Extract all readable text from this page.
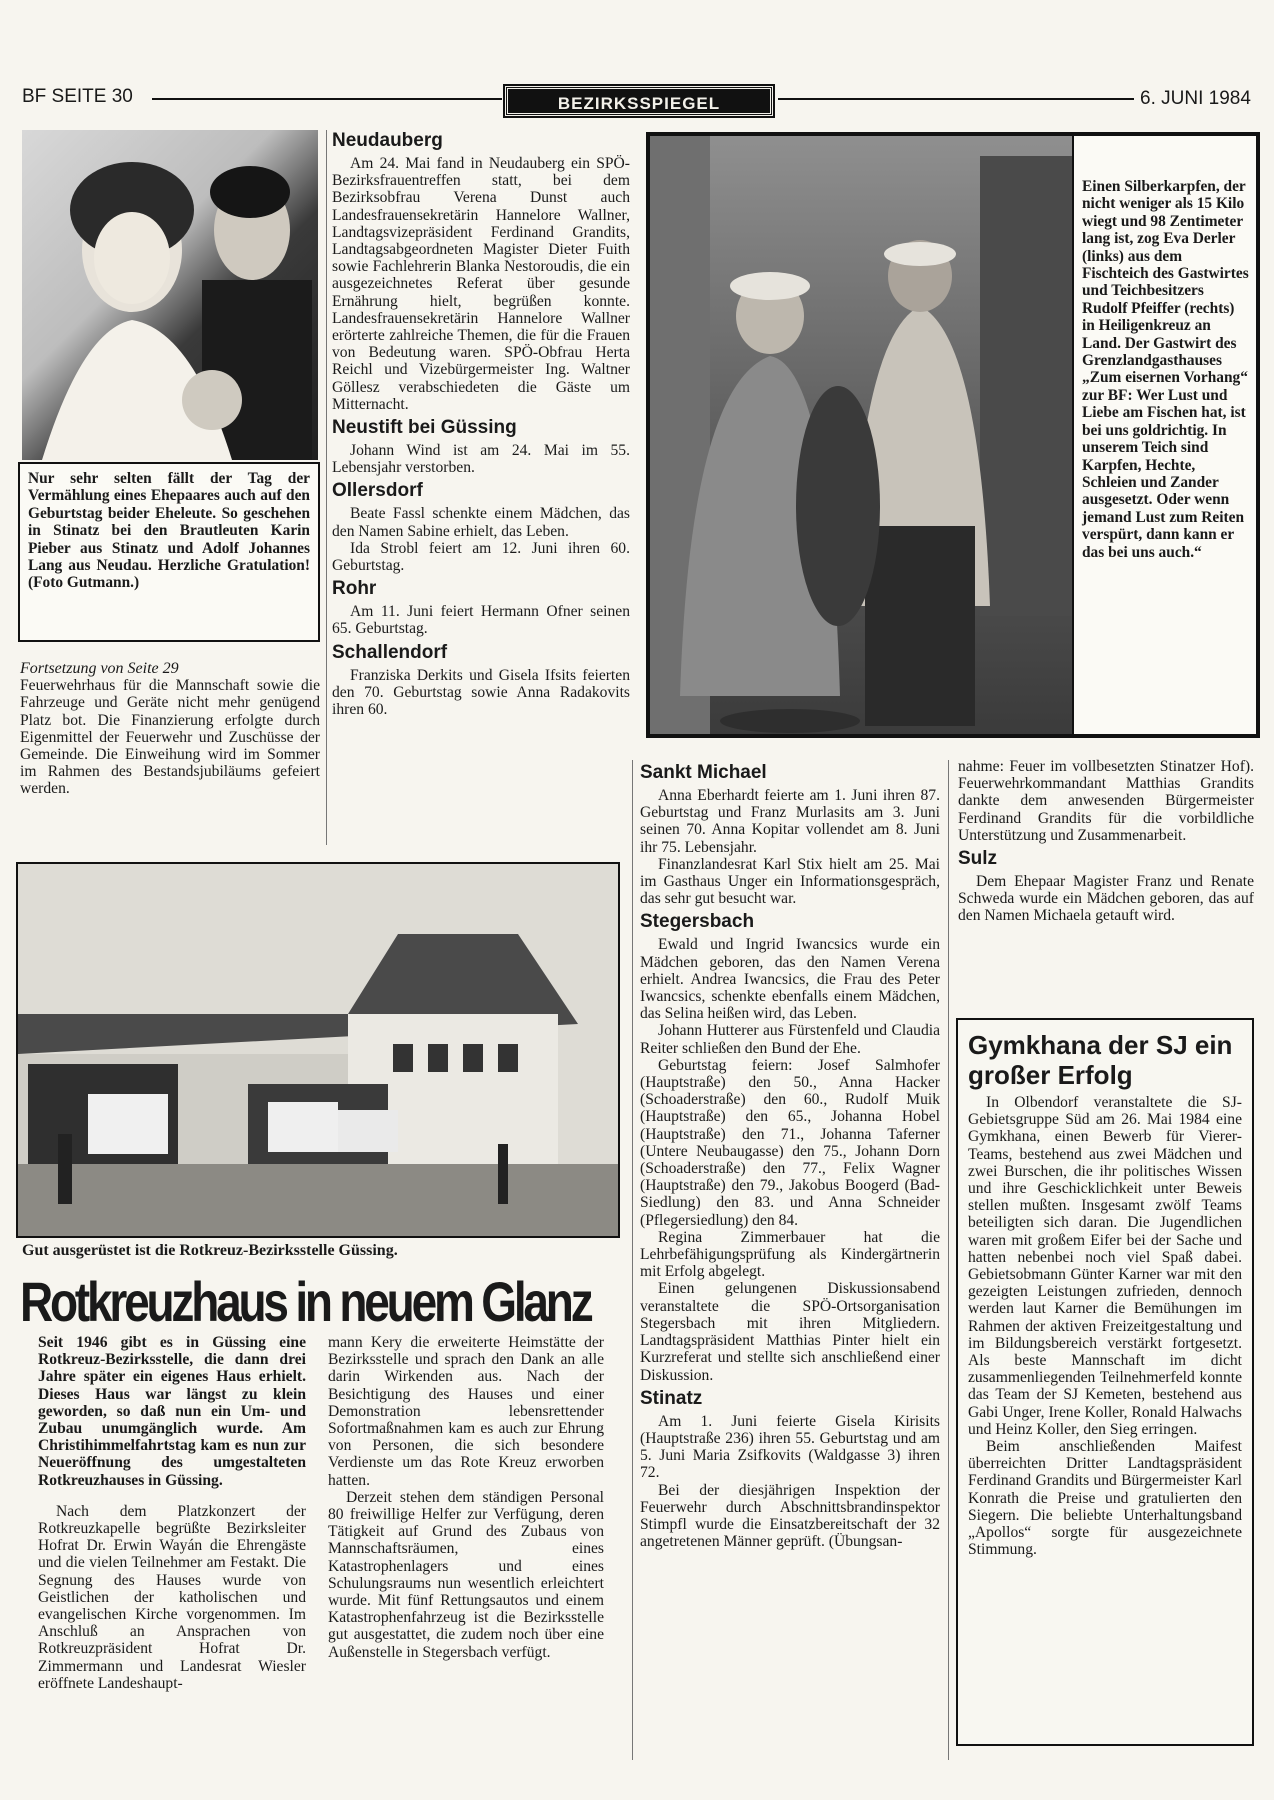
BF SEITE 30	BEZIRKSSPIEGEL	6. JUNI 1984

Nur sehr selten fällt der Tag der Vermählung eines Ehepaares auch auf den Geburtstag beider Eheleute. So geschehen in Stinatz bei den Brautleuten Karin Pieber aus Stinatz und Adolf Johannes Lang aus Neudau. Herzliche Gratulation! (Foto Gutmann.)

Fortsetzung von Seite 29

Feuerwehrhaus für die Mannschaft sowie die Fahrzeuge und Geräte nicht mehr genügend Platz bot. Die Finanzierung erfolgte durch Eigenmittel der Feuerwehr und Zuschüsse der Gemeinde. Die Einweihung wird im Sommer im Rahmen des Bestandsjubiläums gefeiert werden.

Neudauberg

Am 24. Mai fand in Neudauberg ein SPÖ-Bezirksfrauentreffen statt, bei dem Bezirksobfrau Verena Dunst auch Landesfrauensekretärin Hannelore Wallner, Landtagsvizepräsident Ferdinand Grandits, Landtagsabgeordneten Magister Dieter Fuith sowie Fachlehrerin Blanka Nestoroudis, die ein ausgezeichnetes Referat über gesunde Ernährung hielt, begrüßen konnte. Landesfrauensekretärin Hannelore Wallner erörterte zahlreiche Themen, die für die Frauen von Bedeutung waren. SPÖ-Obfrau Herta Reichl und Vizebürgermeister Ing. Waltner Göllesz verabschiedeten die Gäste um Mitternacht.

Neustift bei Güssing

Johann Wind ist am 24. Mai im 55. Lebensjahr verstorben.

Ollersdorf

Beate Fassl schenkte einem Mädchen, das den Namen Sabine erhielt, das Leben.

Ida Strobl feiert am 12. Juni ihren 60. Geburtstag.

Rohr

Am 11. Juni feiert Hermann Ofner seinen 65. Geburtstag.

Schallendorf

Franziska Derkits und Gisela Ifsits feierten den 70. Geburtstag sowie Anna Radakovits ihren 60.

Einen Silberkarpfen, der nicht weniger als 15 Kilo wiegt und 98 Zentimeter lang ist, zog Eva Derler (links) aus dem Fischteich des Gastwirtes und Teichbesitzers Rudolf Pfeiffer (rechts) in Heiligenkreuz an Land. Der Gastwirt des Grenzlandgasthauses „Zum eisernen Vorhang“ zur BF: Wer Lust und Liebe am Fischen hat, ist bei uns goldrichtig. In unserem Teich sind Karpfen, Hechte, Schleien und Zander ausgesetzt. Oder wenn jemand Lust zum Reiten verspürt, dann kann er das bei uns auch.“

Gut ausgerüstet ist die Rotkreuz-Bezirksstelle Güssing.
Rotkreuzhaus in neuem Glanz

Seit 1946 gibt es in Güssing eine Rotkreuz-Bezirksstelle, die dann drei Jahre später ein eigenes Haus erhielt. Dieses Haus war längst zu klein geworden, so daß nun ein Um- und Zubau unumgänglich wurde. Am Christihimmelfahrtstag kam es nun zur Neueröffnung des umgestalteten Rotkreuzhauses in Güssing.

Nach dem Platzkonzert der Rotkreuzkapelle begrüßte Bezirksleiter Hofrat Dr. Erwin Wayán die Ehrengäste und die vielen Teilnehmer am Festakt. Die Segnung des Hauses wurde von Geistlichen der katholischen und evangelischen Kirche vorgenommen. Im Anschluß an Ansprachen von Rotkreuzpräsident Hofrat Dr. Zimmermann und Landesrat Wiesler eröffnete Landeshaupt-

mann Kery die erweiterte Heimstätte der Bezirksstelle und sprach den Dank an alle darin Wirkenden aus. Nach der Besichtigung des Hauses und einer Demonstration lebensrettender Sofortmaßnahmen kam es auch zur Ehrung von Personen, die sich besondere Verdienste um das Rote Kreuz erworben hatten.

Derzeit stehen dem ständigen Personal 80 freiwillige Helfer zur Verfügung, deren Tätigkeit auf Grund des Zubaus von Mannschaftsräumen, eines Katastrophenlagers und eines Schulungsraums nun wesentlich erleichtert wurde. Mit fünf Rettungsautos und einem Katastrophenfahrzeug ist die Bezirksstelle gut ausgestattet, die zudem noch über eine Außenstelle in Stegersbach verfügt.

Sankt Michael

Anna Eberhardt feierte am 1. Juni ihren 87. Geburtstag und Franz Murlasits am 3. Juni seinen 70. Anna Kopitar vollendet am 8. Juni ihr 75. Lebensjahr.

Finanzlandesrat Karl Stix hielt am 25. Mai im Gasthaus Unger ein Informationsgespräch, das sehr gut besucht war.

Stegersbach

Ewald und Ingrid Iwancsics wurde ein Mädchen geboren, das den Namen Verena erhielt. Andrea Iwancsics, die Frau des Peter Iwancsics, schenkte ebenfalls einem Mädchen, das Selina heißen wird, das Leben.

Johann Hutterer aus Fürstenfeld und Claudia Reiter schließen den Bund der Ehe.

Geburtstag feiern: Josef Salmhofer (Hauptstraße) den 50., Anna Hacker (Schoaderstraße) den 60., Rudolf Muik (Hauptstraße) den 65., Johanna Hobel (Hauptstraße) den 71., Johanna Taferner (Untere Neubaugasse) den 75., Johann Dorn (Schoaderstraße) den 77., Felix Wagner (Hauptstraße) den 79., Jakobus Boogerd (Bad-Siedlung) den 83. und Anna Schneider (Pflegersiedlung) den 84.

Regina Zimmerbauer hat die Lehrbefähigungsprüfung als Kindergärtnerin mit Erfolg abgelegt.

Einen gelungenen Diskussionsabend veranstaltete die SPÖ-Ortsorganisation Stegersbach mit ihren Mitgliedern. Landtagspräsident Matthias Pinter hielt ein Kurzreferat und stellte sich anschließend einer Diskussion.

Stinatz

Am 1. Juni feierte Gisela Kirisits (Hauptstraße 236) ihren 55. Geburtstag und am 5. Juni Maria Zsifkovits (Waldgasse 3) ihren 72.

Bei der diesjährigen Inspektion der Feuerwehr durch Abschnittsbrandinspektor Stimpfl wurde die Einsatzbereitschaft der 32 angetretenen Männer geprüft. (Übungsan-

nahme: Feuer im vollbesetzten Stinatzer Hof). Feuerwehrkommandant Matthias Grandits dankte dem anwesenden Bürgermeister Ferdinand Grandits für die vorbildliche Unterstützung und Zusammenarbeit.

Sulz

Dem Ehepaar Magister Franz und Renate Schweda wurde ein Mädchen geboren, das auf den Namen Michaela getauft wird.

Gymkhana der SJ ein großer Erfolg

In Olbendorf veranstaltete die SJ-Gebietsgruppe Süd am 26. Mai 1984 eine Gymkhana, einen Bewerb für Vierer-Teams, bestehend aus zwei Mädchen und zwei Burschen, die ihr politisches Wissen und ihre Geschicklichkeit unter Beweis stellen mußten. Insgesamt zwölf Teams beteiligten sich daran. Die Jugendlichen waren mit großem Eifer bei der Sache und hatten nebenbei noch viel Spaß dabei. Gebietsobmann Günter Karner war mit den gezeigten Leistungen zufrieden, dennoch werden laut Karner die Bemühungen im Rahmen der aktiven Freizeitgestaltung und im Bildungsbereich verstärkt fortgesetzt. Als beste Mannschaft im dicht zusammenliegenden Teilnehmerfeld konnte das Team der SJ Kemeten, bestehend aus Gabi Unger, Irene Koller, Ronald Halwachs und Heinz Koller, den Sieg erringen.

Beim anschließenden Maifest überreichten Dritter Landtagspräsident Ferdinand Grandits und Bürgermeister Karl Konrath die Preise und gratulierten den Siegern. Die beliebte Unterhaltungsband „Apollos“ sorgte für ausgezeichnete Stimmung.
